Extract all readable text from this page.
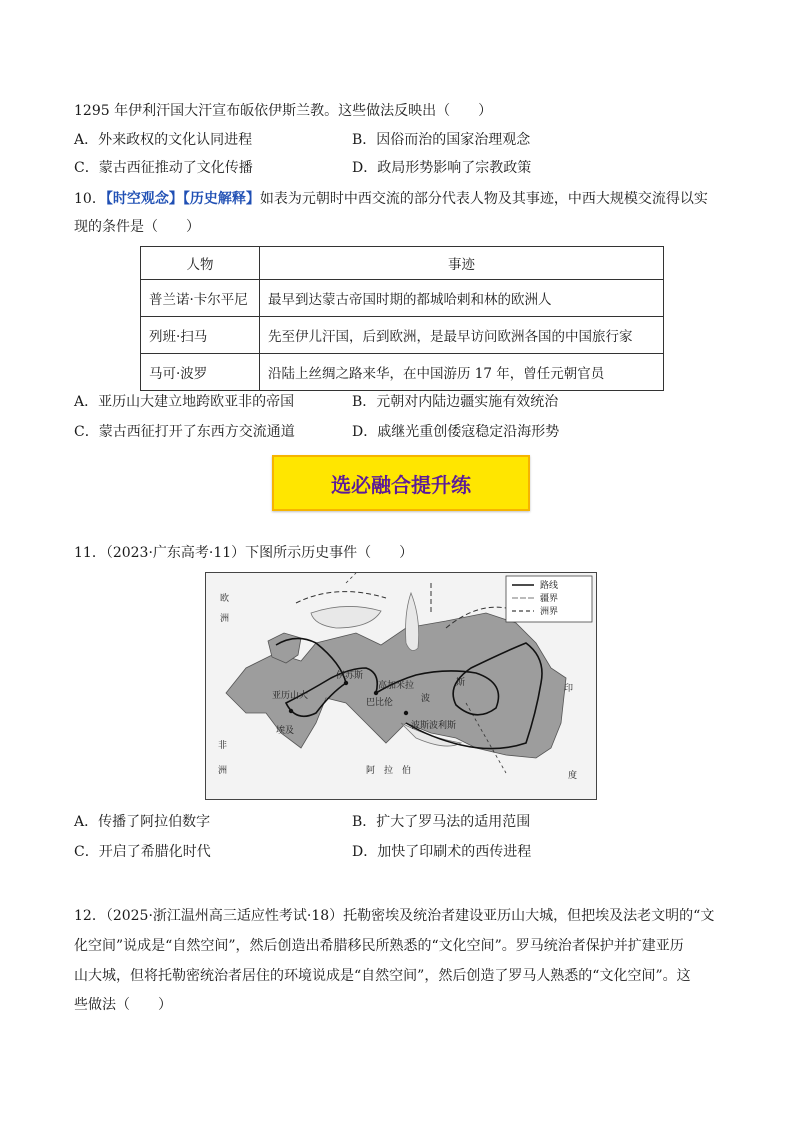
1295 年伊利汗国大汗宣布皈依伊斯兰教。这些做法反映出（　　）
A．外来政权的文化认同进程	B．因俗而治的国家治理观念
C．蒙古西征推动了文化传播	D．政局形势影响了宗教政策
10．【时空观念】【历史解释】如表为元朝时中西交流的部分代表人物及其事迹，中西大规模交流得以实
现的条件是（　　）
人物	事迹
普兰诺·卡尔平尼	最早到达蒙古帝国时期的都城哈剌和林的欧洲人
列班·扫马	先至伊儿汗国，后到欧洲，是最早访问欧洲各国的中国旅行家
马可·波罗	沿陆上丝绸之路来华，在中国游历 17 年，曾任元朝官员
A．亚历山大建立地跨欧亚非的帝国	B．元朝对内陆边疆实施有效统治
C．蒙古西征打开了东西方交流通道	D．戚继光重创倭寇稳定沿海形势
选必融合提升练
11．（2023·广东高考·11）下图所示历史事件（　　）
路线
疆界
洲界
欧
洲
亚历山大
埃及
非
洲
伊苏斯
高加米拉
巴比伦	波
斯
波斯波利斯
阿　拉　伯
印
度
A．传播了阿拉伯数字	B．扩大了罗马法的适用范围
C．开启了希腊化时代	D．加快了印刷术的西传进程
12．（2025·浙江温州高三适应性考试·18）托勒密埃及统治者建设亚历山大城，但把埃及法老文明的“文
化空间”说成是“自然空间”，然后创造出希腊移民所熟悉的“文化空间”。罗马统治者保护并扩建亚历
山大城，但将托勒密统治者居住的环境说成是“自然空间”，然后创造了罗马人熟悉的“文化空间”。这
些做法（　　）
